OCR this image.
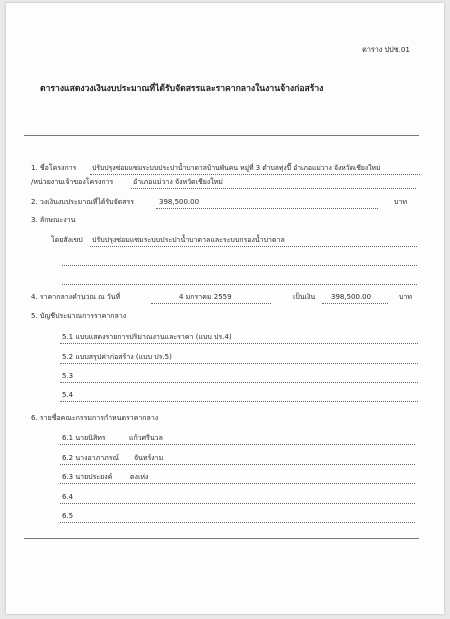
ตาราง ปปช.01
ตารางแสดงวงเงินงบประมาณที่ได้รับจัดสรรและราคากลางในงานจ้างก่อสร้าง
1. ชื่อโครงการ ปรับปรุงซ่อมแซมระบบประปาน้ำบาดาลบ้านพันคน หมู่ที่ 3 ตำบลทุ่งปี๊ อำเภอแม่วาง จังหวัดเชียงใหม่
/หน่วยงานเจ้าของโครงการ	อำเภอแม่วาง จังหวัดเชียงใหม่
2. วงเงินงบประมาณที่ได้รับจัดสรร	398,500.00	บาท
3. ลักษณะงาน
โดยสังเขป ปรับปรุงซ่อมแซมระบบประปาน้ำบาดาลและระบบกรองน้ำบาดาล
4. ราคากลางคำนวณ ณ วันที่	4 มกราคม 2559	เป็นเงิน 398,500.00	บาท
5. บัญชีประมาณการราคากลาง
5.1 แบบแสดงรายการปริมาณงานและราคา (แบบ ปร.4)
5.2 แบบสรุปค่าก่อสร้าง (แบบ ปร.5)
5.3
5.4
6. รายชื่อคณะกรรมการกำหนดราคากลาง
6.1 นายนิสิทร	แก้วศรีนวล
6.2 นางอาภาภรณ์ จันทร์งาม
6.3 นายประยงค์	ตงเห่ง
6.4
6.5
